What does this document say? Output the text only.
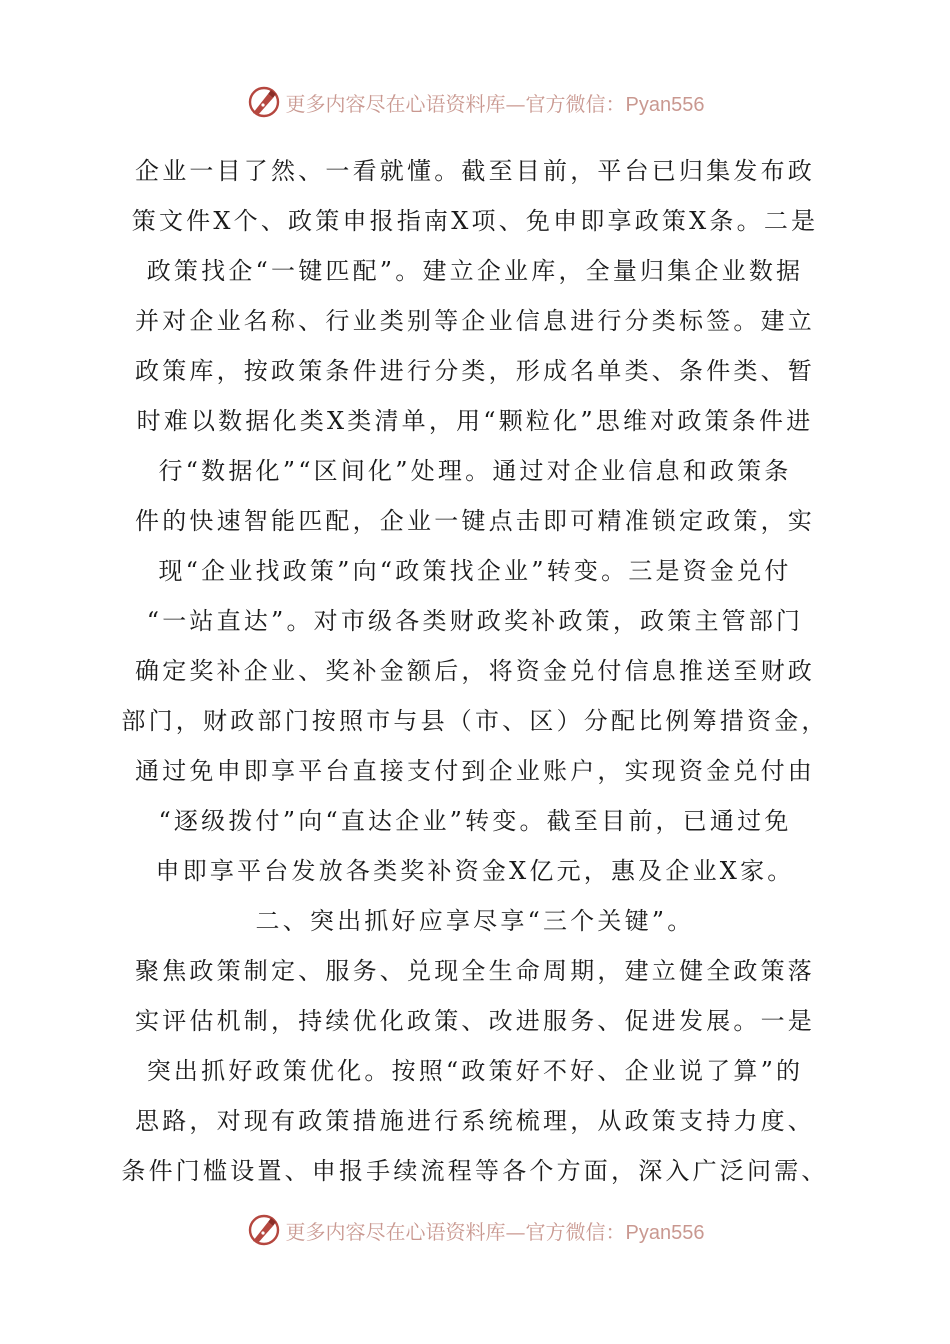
更多内容尽在心语资料库—官方微信：Pyan556
企业一目了然、一看就懂。截至目前，平台已归集发布政
策文件X个、政策申报指南X项、免申即享政策X条。二是
政策找企“一键匹配”。建立企业库，全量归集企业数据
并对企业名称、行业类别等企业信息进行分类标签。建立
政策库，按政策条件进行分类，形成名单类、条件类、暂
时难以数据化类X类清单，用“颗粒化”思维对政策条件进
行“数据化”“区间化”处理。通过对企业信息和政策条
件的快速智能匹配，企业一键点击即可精准锁定政策，实
现“企业找政策”向“政策找企业”转变。三是资金兑付
“一站直达”。对市级各类财政奖补政策，政策主管部门
确定奖补企业、奖补金额后，将资金兑付信息推送至财政
部门，财政部门按照市与县（市、区）分配比例筹措资金，
通过免申即享平台直接支付到企业账户，实现资金兑付由
“逐级拨付”向“直达企业”转变。截至目前，已通过免
申即享平台发放各类奖补资金X亿元，惠及企业X家。
二、突出抓好应享尽享“三个关键”。
聚焦政策制定、服务、兑现全生命周期，建立健全政策落
实评估机制，持续优化政策、改进服务、促进发展。一是
突出抓好政策优化。按照“政策好不好、企业说了算”的
思路，对现有政策措施进行系统梳理，从政策支持力度、
条件门槛设置、申报手续流程等各个方面，深入广泛问需、
更多内容尽在心语资料库—官方微信：Pyan556
